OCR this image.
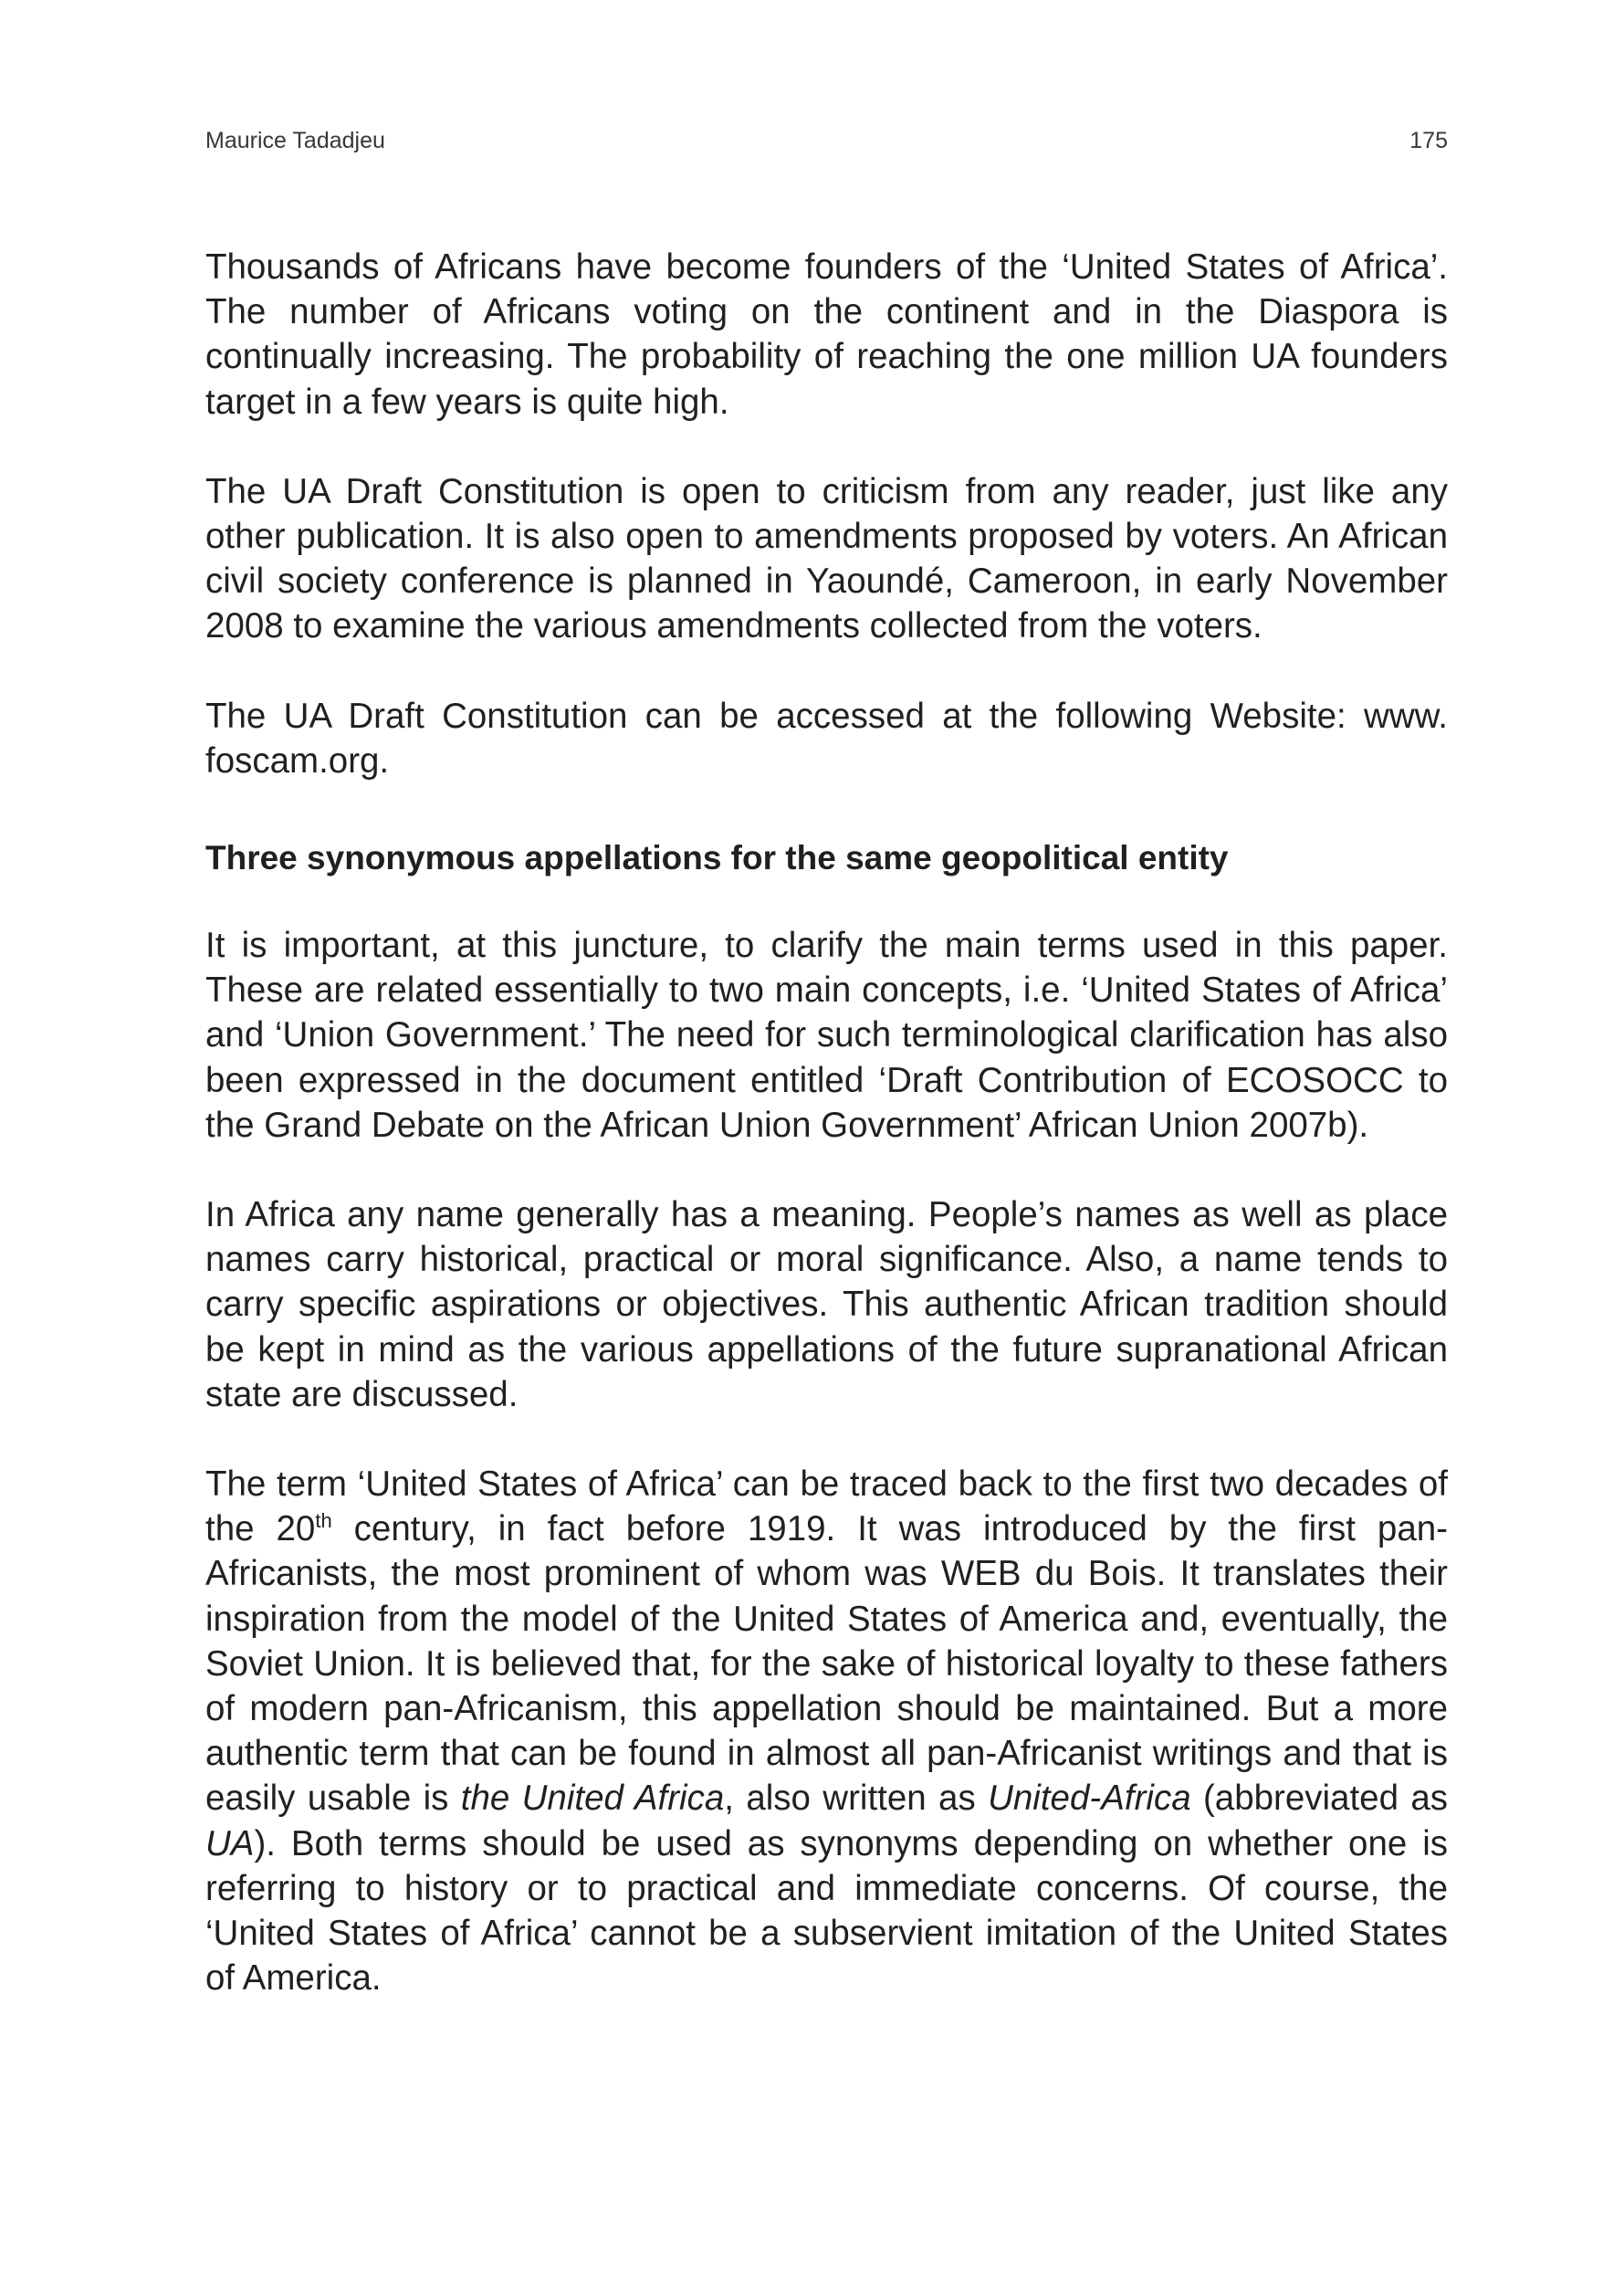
Maurice Tadadjeu	175

Thousands of Africans have become founders of the ‘United States of Africa’. The number of Africans voting on the continent and in the Diaspora is continually increasing. The probability of reaching the one million UA founders target in a few years is quite high.

The UA Draft Constitution is open to criticism from any reader, just like any other publication. It is also open to amendments proposed by voters. An African civil society conference is planned in Yaoundé, Cameroon, in early November 2008 to examine the various amendments collected from the voters.

The UA Draft Constitution can be accessed at the following Website: www. foscam.org.

Three synonymous appellations for the same geopolitical entity

It is important, at this juncture, to clarify the main terms used in this paper. These are related essentially to two main concepts, i.e. ‘United States of Africa’ and ‘Union Government.’ The need for such terminological clarification has also been expressed in the document entitled ‘Draft Contribution of ECOSOCC to the Grand Debate on the African Union Government’ African Union 2007b).

In Africa any name generally has a meaning. People’s names as well as place names carry historical, practical or moral significance. Also, a name tends to carry specific aspirations or objectives. This authentic African tradition should be kept in mind as the various appellations of the future supranational African state are discussed.

The term ‘United States of Africa’ can be traced back to the first two decades of the 20th century, in fact before 1919. It was introduced by the first pan-Africanists, the most prominent of whom was WEB du Bois. It translates their inspiration from the model of the United States of America and, eventually, the Soviet Union. It is believed that, for the sake of historical loyalty to these fathers of modern pan-Africanism, this appellation should be maintained. But a more authentic term that can be found in almost all pan-Africanist writings and that is easily usable is the United Africa, also written as United-Africa (abbreviated as UA). Both terms should be used as synonyms depending on whether one is referring to history or to practical and immediate concerns. Of course, the ‘United States of Africa’ cannot be a subservient imitation of the United States of America.
